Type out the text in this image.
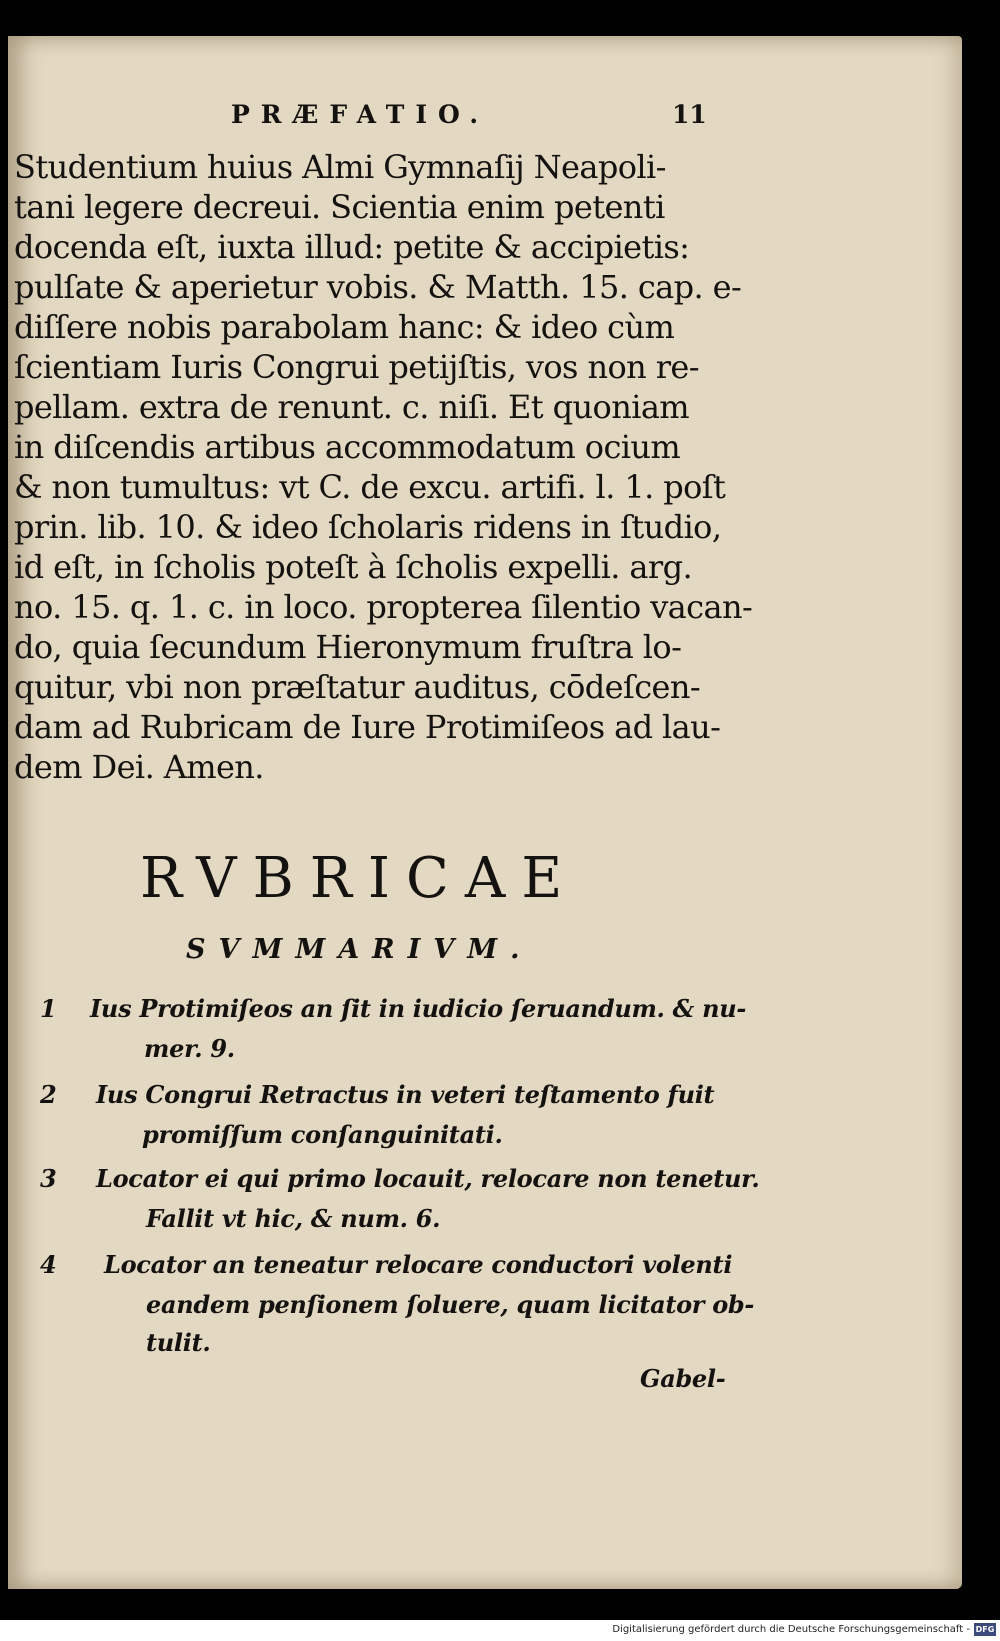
PRÆFATIO.	11
Studentium huius Almi Gymnaſij Neapoli-
tani legere decreui. Scientia enim petenti
docenda eſt, iuxta illud: petite & accipietis:
pulſate & aperietur vobis. & Matth. 15. cap. e-
diſſere nobis parabolam hanc: & ideo cùm
ſcientiam Iuris Congrui petijſtis, vos non re-
pellam. extra de renunt. c. niſi. Et quoniam
in diſcendis artibus accommodatum ocium
& non tumultus: vt C. de excu. artifi. l. 1. poſt
prin. lib. 10. & ideo ſcholaris ridens in ſtudio,
id eſt, in ſcholis poteſt à ſcholis expelli. arg.
no. 15. q. 1. c. in loco. propterea ſilentio vacan-
do, quia ſecundum Hieronymum fruſtra lo-
quitur, vbi non præſtatur auditus, cōdeſcen-
dam ad Rubricam de Iure Protimiſeos ad lau-
dem Dei. Amen.
RVBRICAE
SVMMARIVM.
1 Ius Protimiſeos an ſit in iudicio ſeruandum. & nu-
mer. 9.
2 Ius Congrui Retractus in veteri teſtamento fuit
promiſſum conſanguinitati.
3 Locator ei qui primo locauit, relocare non tenetur.
Fallit vt hic, & num. 6.
4 Locator an teneatur relocare conductori volenti
eandem penſionem ſoluere, quam licitator ob-
tulit.
Gabel-
Digitalisierung gefördert durch die Deutsche Forschungsgemeinschaft - DFG
